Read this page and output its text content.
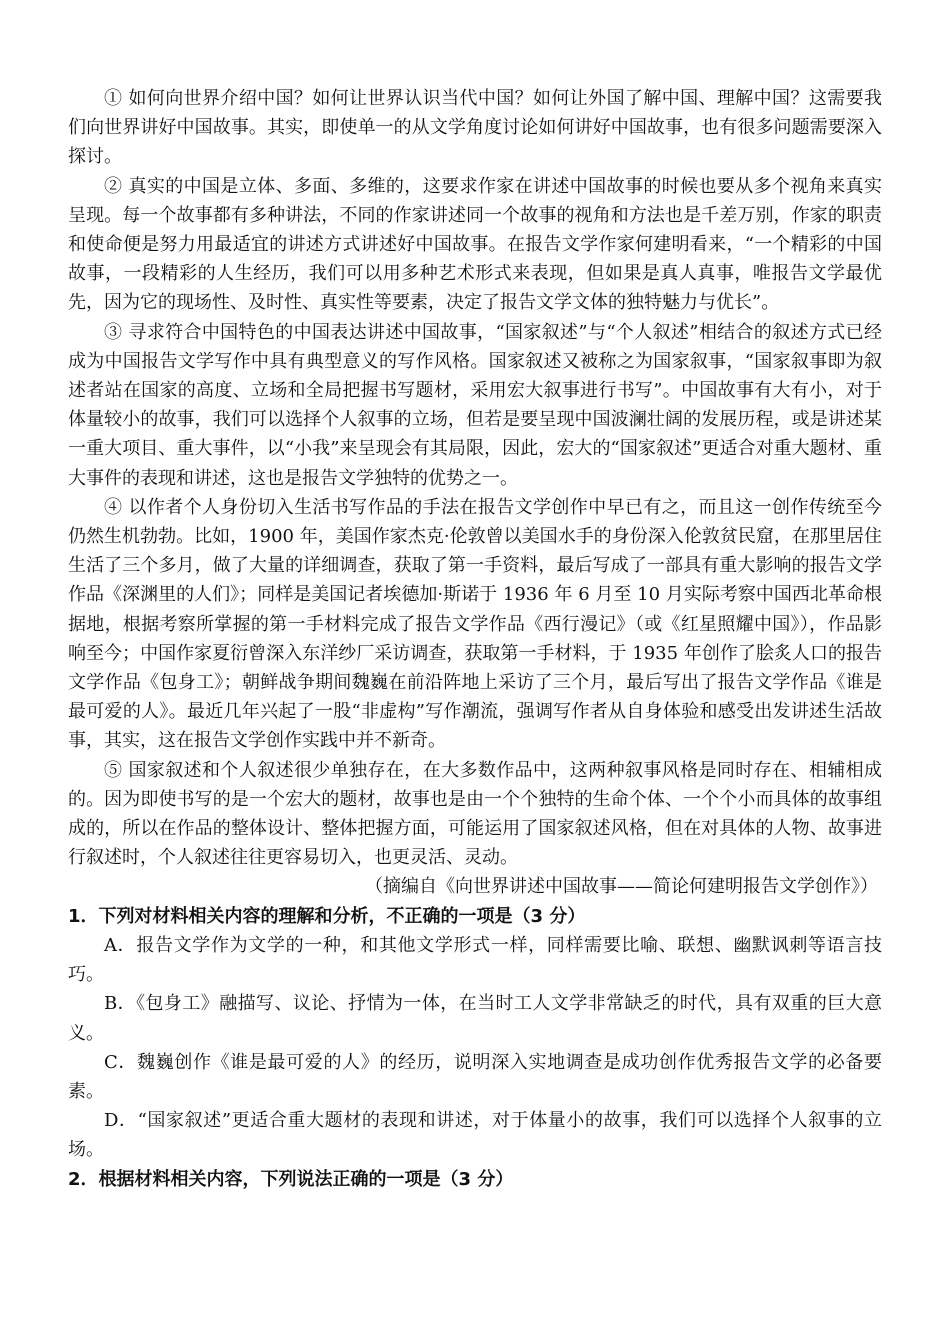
① 如何向世界介绍中国？如何让世界认识当代中国？如何让外国了解中国、理解中国？这需要我们向世界讲好中国故事。其实，即使单一的从文学角度讨论如何讲好中国故事，也有很多问题需要深入探讨。

② 真实的中国是立体、多面、多维的，这要求作家在讲述中国故事的时候也要从多个视角来真实呈现。每一个故事都有多种讲法，不同的作家讲述同一个故事的视角和方法也是千差万别，作家的职责和使命便是努力用最适宜的讲述方式讲述好中国故事。在报告文学作家何建明看来，“一个精彩的中国故事，一段精彩的人生经历，我们可以用多种艺术形式来表现，但如果是真人真事，唯报告文学最优先，因为它的现场性、及时性、真实性等要素，决定了报告文学文体的独特魅力与优长”。

③ 寻求符合中国特色的中国表达讲述中国故事，“国家叙述”与“个人叙述”相结合的叙述方式已经成为中国报告文学写作中具有典型意义的写作风格。国家叙述又被称之为国家叙事，“国家叙事即为叙述者站在国家的高度、立场和全局把握书写题材，采用宏大叙事进行书写”。中国故事有大有小，对于体量较小的故事，我们可以选择个人叙事的立场，但若是要呈现中国波澜壮阔的发展历程，或是讲述某一重大项目、重大事件，以“小我”来呈现会有其局限，因此，宏大的“国家叙述”更适合对重大题材、重大事件的表现和讲述，这也是报告文学独特的优势之一。

④ 以作者个人身份切入生活书写作品的手法在报告文学创作中早已有之，而且这一创作传统至今仍然生机勃勃。比如，1900 年，美国作家杰克·伦敦曾以美国水手的身份深入伦敦贫民窟，在那里居住生活了三个多月，做了大量的详细调查，获取了第一手资料，最后写成了一部具有重大影响的报告文学作品《深渊里的人们》；同样是美国记者埃德加·斯诺于 1936 年 6 月至 10 月实际考察中国西北革命根据地，根据考察所掌握的第一手材料完成了报告文学作品《西行漫记》（或《红星照耀中国》），作品影响至今；中国作家夏衍曾深入东洋纱厂采访调查，获取第一手材料，于 1935 年创作了脍炙人口的报告文学作品《包身工》；朝鲜战争期间魏巍在前沿阵地上采访了三个月，最后写出了报告文学作品《谁是最可爱的人》。最近几年兴起了一股“非虚构”写作潮流，强调写作者从自身体验和感受出发讲述生活故事，其实，这在报告文学创作实践中并不新奇。

⑤ 国家叙述和个人叙述很少单独存在，在大多数作品中，这两种叙事风格是同时存在、相辅相成的。因为即使书写的是一个宏大的题材，故事也是由一个个独特的生命个体、一个个小而具体的故事组成的，所以在作品的整体设计、整体把握方面，可能运用了国家叙述风格，但在对具体的人物、故事进行叙述时，个人叙述往往更容易切入，也更灵活、灵动。

（摘编自《向世界讲述中国故事——简论何建明报告文学创作》）

1．下列对材料相关内容的理解和分析，不正确的一项是（3 分）

A．报告文学作为文学的一种，和其他文学形式一样，同样需要比喻、联想、幽默讽刺等语言技巧。

B．《包身工》融描写、议论、抒情为一体，在当时工人文学非常缺乏的时代，具有双重的巨大意义。

C．魏巍创作《谁是最可爱的人》的经历，说明深入实地调查是成功创作优秀报告文学的必备要素。

D．“国家叙述”更适合重大题材的表现和讲述，对于体量小的故事，我们可以选择个人叙事的立场。

2．根据材料相关内容，下列说法正确的一项是（3 分）
